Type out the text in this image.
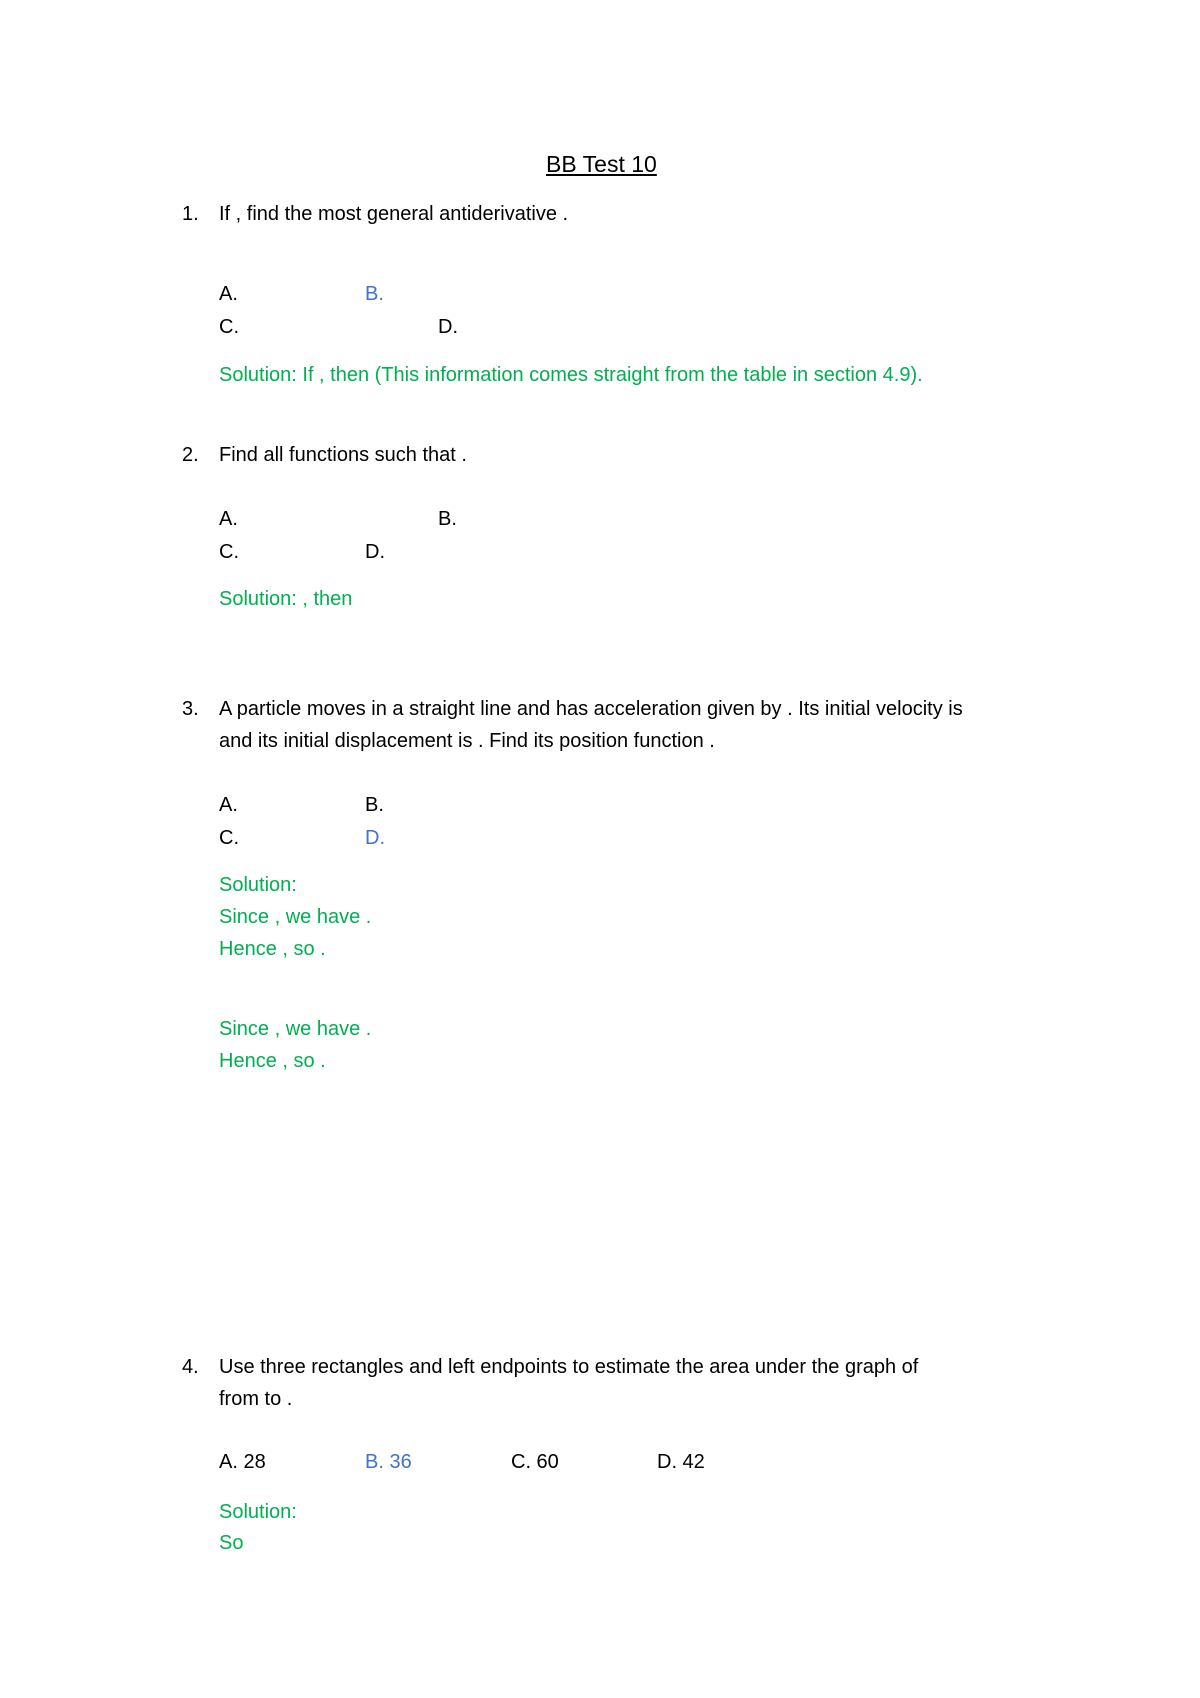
BB Test 10
1. If , find the most general antiderivative .
A.	B.
C.	D.
Solution: If , then (This information comes straight from the table in section 4.9).
2. Find all functions such that .
A.	B.
C.	D.
Solution: , then
3. A particle moves in a straight line and has acceleration given by . Its initial velocity is
and its initial displacement is . Find its position function .
A.	B.
C.	D.
Solution:
Since , we have .
Hence , so .
Since , we have .
Hence , so .
4. Use three rectangles and left endpoints to estimate the area under the graph of
from to .
A. 28	B. 36	C. 60	D. 42
Solution:
So
